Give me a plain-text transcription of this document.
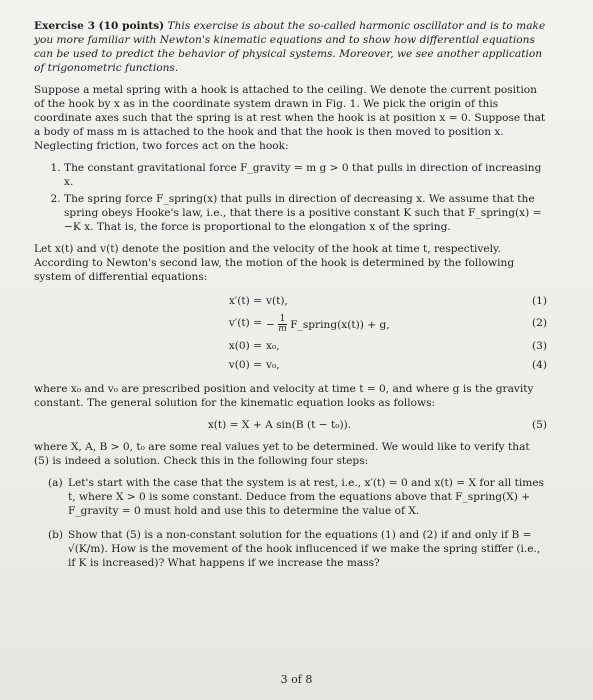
Exercise 3 (10 points) This exercise is about the so-called harmonic oscillator and is to make you more familiar with Newton's kinematic equations and to show how differential equations can be used to predict the behavior of physical systems. Moreover, we see another application of trigonometric functions.

Suppose a metal spring with a hook is attached to the ceiling. We denote the current position of the hook by x as in the coordinate system drawn in Fig. 1. We pick the origin of this coordinate axes such that the spring is at rest when the hook is at position x = 0. Suppose that a body of mass m is attached to the hook and that the hook is then moved to position x. Neglecting friction, two forces act on the hook:

1. The constant gravitational force F_gravity = m g > 0 that pulls in direction of increasing x.
2. The spring force F_spring(x) that pulls in direction of decreasing x. We assume that the spring obeys Hooke's law, i.e., that there is a positive constant K such that F_spring(x) = −K x. That is, the force is proportional to the elongation x of the spring.

Let x(t) and v(t) denote the position and the velocity of the hook at time t, respectively. According to Newton's second law, the motion of the hook is determined by the following system of differential equations:

x′(t) = v(t),	(1)
v′(t) = − $\frac{1}{m}$ F_spring(x(t)) + g,	(2)
x(0) = x₀,	(3)
v(0) = v₀,	(4)

where x₀ and v₀ are prescribed position and velocity at time t = 0, and where g is the gravity constant. The general solution for the kinematic equation looks as follows:

x(t) = X + A sin(B (t − t₀)).	(5)

where X, A, B > 0, t₀ are some real values yet to be determined. We would like to verify that (5) is indeed a solution. Check this in the following four steps:

(a) Let's start with the case that the system is at rest, i.e., x′(t) = 0 and x(t) = X for all times t, where X > 0 is some constant. Deduce from the equations above that F_spring(X) + F_gravity = 0 must hold and use this to determine the value of X.
(b) Show that (5) is a non-constant solution for the equations (1) and (2) if and only if B = √(K/m). How is the movement of the hook influcenced if we make the spring stiffer (i.e., if K is increased)? What happens if we increase the mass?
3 of 8
